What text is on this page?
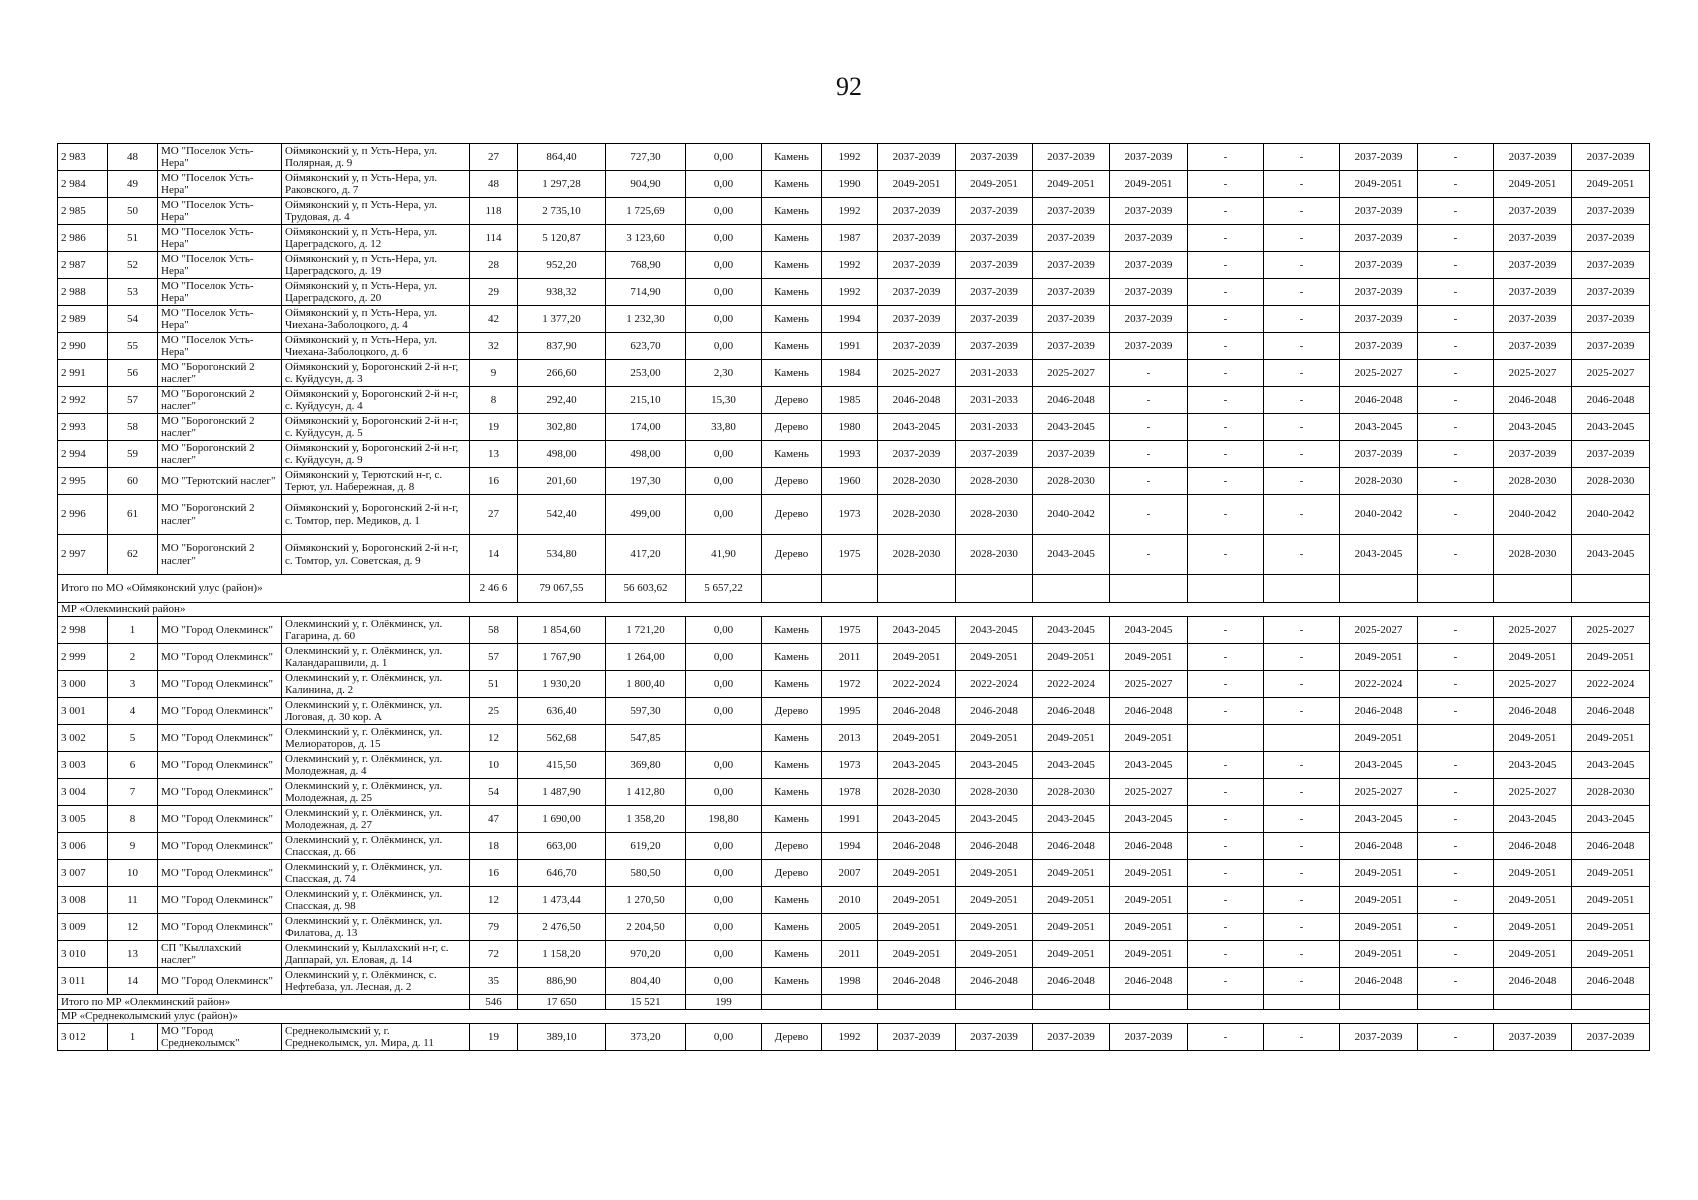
92
2 983	48	МО "Поселок Усть-Нера"	Оймяконский у, п Усть-Нера, ул. Полярная, д. 9	27	864,40	727,30	0,00	Камень	1992	2037-2039	2037-2039	2037-2039	2037-2039	-	-	2037-2039	-	2037-2039	2037-2039
2 984	49	МО "Поселок Усть-Нера"	Оймяконский у, п Усть-Нера, ул. Раковского, д. 7	48	1 297,28	904,90	0,00	Камень	1990	2049-2051	2049-2051	2049-2051	2049-2051	-	-	2049-2051	-	2049-2051	2049-2051
2 985	50	МО "Поселок Усть-Нера"	Оймяконский у, п Усть-Нера, ул. Трудовая, д. 4	118	2 735,10	1 725,69	0,00	Камень	1992	2037-2039	2037-2039	2037-2039	2037-2039	-	-	2037-2039	-	2037-2039	2037-2039
2 986	51	МО "Поселок Усть-Нера"	Оймяконский у, п Усть-Нера, ул. Цареградского, д. 12	114	5 120,87	3 123,60	0,00	Камень	1987	2037-2039	2037-2039	2037-2039	2037-2039	-	-	2037-2039	-	2037-2039	2037-2039
2 987	52	МО "Поселок Усть-Нера"	Оймяконский у, п Усть-Нера, ул. Цареградского, д. 19	28	952,20	768,90	0,00	Камень	1992	2037-2039	2037-2039	2037-2039	2037-2039	-	-	2037-2039	-	2037-2039	2037-2039
2 988	53	МО "Поселок Усть-Нера"	Оймяконский у, п Усть-Нера, ул. Цареградского, д. 20	29	938,32	714,90	0,00	Камень	1992	2037-2039	2037-2039	2037-2039	2037-2039	-	-	2037-2039	-	2037-2039	2037-2039
2 989	54	МО "Поселок Усть-Нера"	Оймяконский у, п Усть-Нера, ул. Чиехана-Заболоцкого, д. 4	42	1 377,20	1 232,30	0,00	Камень	1994	2037-2039	2037-2039	2037-2039	2037-2039	-	-	2037-2039	-	2037-2039	2037-2039
2 990	55	МО "Поселок Усть-Нера"	Оймяконский у, п Усть-Нера, ул. Чиехана-Заболоцкого, д. 6	32	837,90	623,70	0,00	Камень	1991	2037-2039	2037-2039	2037-2039	2037-2039	-	-	2037-2039	-	2037-2039	2037-2039
2 991	56	МО "Борогонский 2 наслег"	Оймяконский у, Борогонский 2-й н-г, с. Куйдусун, д. 3	9	266,60	253,00	2,30	Камень	1984	2025-2027	2031-2033	2025-2027	-	-	-	2025-2027	-	2025-2027	2025-2027
2 992	57	МО "Борогонский 2 наслег"	Оймяконский у, Борогонский 2-й н-г, с. Куйдусун, д. 4	8	292,40	215,10	15,30	Дерево	1985	2046-2048	2031-2033	2046-2048	-	-	-	2046-2048	-	2046-2048	2046-2048
2 993	58	МО "Борогонский 2 наслег"	Оймяконский у, Борогонский 2-й н-г, с. Куйдусун, д. 5	19	302,80	174,00	33,80	Дерево	1980	2043-2045	2031-2033	2043-2045	-	-	-	2043-2045	-	2043-2045	2043-2045
2 994	59	МО "Борогонский 2 наслег"	Оймяконский у, Борогонский 2-й н-г, с. Куйдусун, д. 9	13	498,00	498,00	0,00	Камень	1993	2037-2039	2037-2039	2037-2039	-	-	-	2037-2039	-	2037-2039	2037-2039
2 995	60	МО "Терютский наслег"	Оймяконский у, Терютский н-г, с. Терют, ул. Набережная, д. 8	16	201,60	197,30	0,00	Дерево	1960	2028-2030	2028-2030	2028-2030	-	-	-	2028-2030	-	2028-2030	2028-2030
2 996	61	МО "Борогонский 2 наслег"	Оймяконский у, Борогонский 2-й н-г, с. Томтор, пер. Медиков, д. 1	27	542,40	499,00	0,00	Дерево	1973	2028-2030	2028-2030	2040-2042	-	-	-	2040-2042	-	2040-2042	2040-2042
2 997	62	МО "Борогонский 2 наслег"	Оймяконский у, Борогонский 2-й н-г, с. Томтор, ул. Советская, д. 9	14	534,80	417,20	41,90	Дерево	1975	2028-2030	2028-2030	2043-2045	-	-	-	2043-2045	-	2028-2030	2043-2045
Итого по МО «Оймяконский улус (район)»				2 46 6	79 067,55	56 603,62	5 657,22												
МР «Олекминский район»																			
2 998	1	МО "Город Олекминск"	Олекминский у, г. Олёкминск, ул. Гагарина, д. 60	58	1 854,60	1 721,20	0,00	Камень	1975	2043-2045	2043-2045	2043-2045	2043-2045	-	-	2025-2027	-	2025-2027	2025-2027
2 999	2	МО "Город Олекминск"	Олекминский у, г. Олёкминск, ул. Каландарашвили, д. 1	57	1 767,90	1 264,00	0,00	Камень	2011	2049-2051	2049-2051	2049-2051	2049-2051	-	-	2049-2051	-	2049-2051	2049-2051
3 000	3	МО "Город Олекминск"	Олекминский у, г. Олёкминск, ул. Калинина, д. 2	51	1 930,20	1 800,40	0,00	Камень	1972	2022-2024	2022-2024	2022-2024	2025-2027	-	-	2022-2024	-	2025-2027	2022-2024
3 001	4	МО "Город Олекминск"	Олекминский у, г. Олёкминск, ул. Логовая, д. 30 кор. А	25	636,40	597,30	0,00	Дерево	1995	2046-2048	2046-2048	2046-2048	2046-2048	-	-	2046-2048	-	2046-2048	2046-2048
3 002	5	МО "Город Олекминск"	Олекминский у, г. Олёкминск, ул. Мелиораторов, д. 15	12	562,68	547,85		Камень	2013	2049-2051	2049-2051	2049-2051	2049-2051			2049-2051		2049-2051	2049-2051
3 003	6	МО "Город Олекминск"	Олекминский у, г. Олёкминск, ул. Молодежная, д. 4	10	415,50	369,80	0,00	Камень	1973	2043-2045	2043-2045	2043-2045	2043-2045	-	-	2043-2045	-	2043-2045	2043-2045
3 004	7	МО "Город Олекминск"	Олекминский у, г. Олёкминск, ул. Молодежная, д. 25	54	1 487,90	1 412,80	0,00	Камень	1978	2028-2030	2028-2030	2028-2030	2025-2027	-	-	2025-2027	-	2025-2027	2028-2030
3 005	8	МО "Город Олекминск"	Олекминский у, г. Олёкминск, ул. Молодежная, д. 27	47	1 690,00	1 358,20	198,80	Камень	1991	2043-2045	2043-2045	2043-2045	2043-2045	-	-	2043-2045	-	2043-2045	2043-2045
3 006	9	МО "Город Олекминск"	Олекминский у, г. Олёкминск, ул. Спасская, д. 66	18	663,00	619,20	0,00	Дерево	1994	2046-2048	2046-2048	2046-2048	2046-2048	-	-	2046-2048	-	2046-2048	2046-2048
3 007	10	МО "Город Олекминск"	Олекминский у, г. Олёкминск, ул. Спасская, д. 74	16	646,70	580,50	0,00	Дерево	2007	2049-2051	2049-2051	2049-2051	2049-2051	-	-	2049-2051	-	2049-2051	2049-2051
3 008	11	МО "Город Олекминск"	Олекминский у, г. Олёкминск, ул. Спасская, д. 98	12	1 473,44	1 270,50	0,00	Камень	2010	2049-2051	2049-2051	2049-2051	2049-2051	-	-	2049-2051	-	2049-2051	2049-2051
3 009	12	МО "Город Олекминск"	Олекминский у, г. Олёкминск, ул. Филатова, д. 13	79	2 476,50	2 204,50	0,00	Камень	2005	2049-2051	2049-2051	2049-2051	2049-2051	-	-	2049-2051	-	2049-2051	2049-2051
3 010	13	СП "Кыллахский наслег"	Олекминский у, Кыллахский н-г, с. Даппарай, ул. Еловая, д. 14	72	1 158,20	970,20	0,00	Камень	2011	2049-2051	2049-2051	2049-2051	2049-2051	-	-	2049-2051	-	2049-2051	2049-2051
3 011	14	МО "Город Олекминск"	Олекминский у, г. Олёкминск, с. Нефтебаза, ул. Лесная, д. 2	35	886,90	804,40	0,00	Камень	1998	2046-2048	2046-2048	2046-2048	2046-2048	-	-	2046-2048	-	2046-2048	2046-2048
Итого по МР «Олекминский район»				546	17 650	15 521	199												
МР «Среднеколымский улус (район)»																			
3 012	1	МО "Город Среднеколымск"	Среднеколымский у, г. Среднеколымск, ул. Мира, д. 11	19	389,10	373,20	0,00	Дерево	1992	2037-2039	2037-2039	2037-2039	2037-2039	-	-	2037-2039	-	2037-2039	2037-2039
